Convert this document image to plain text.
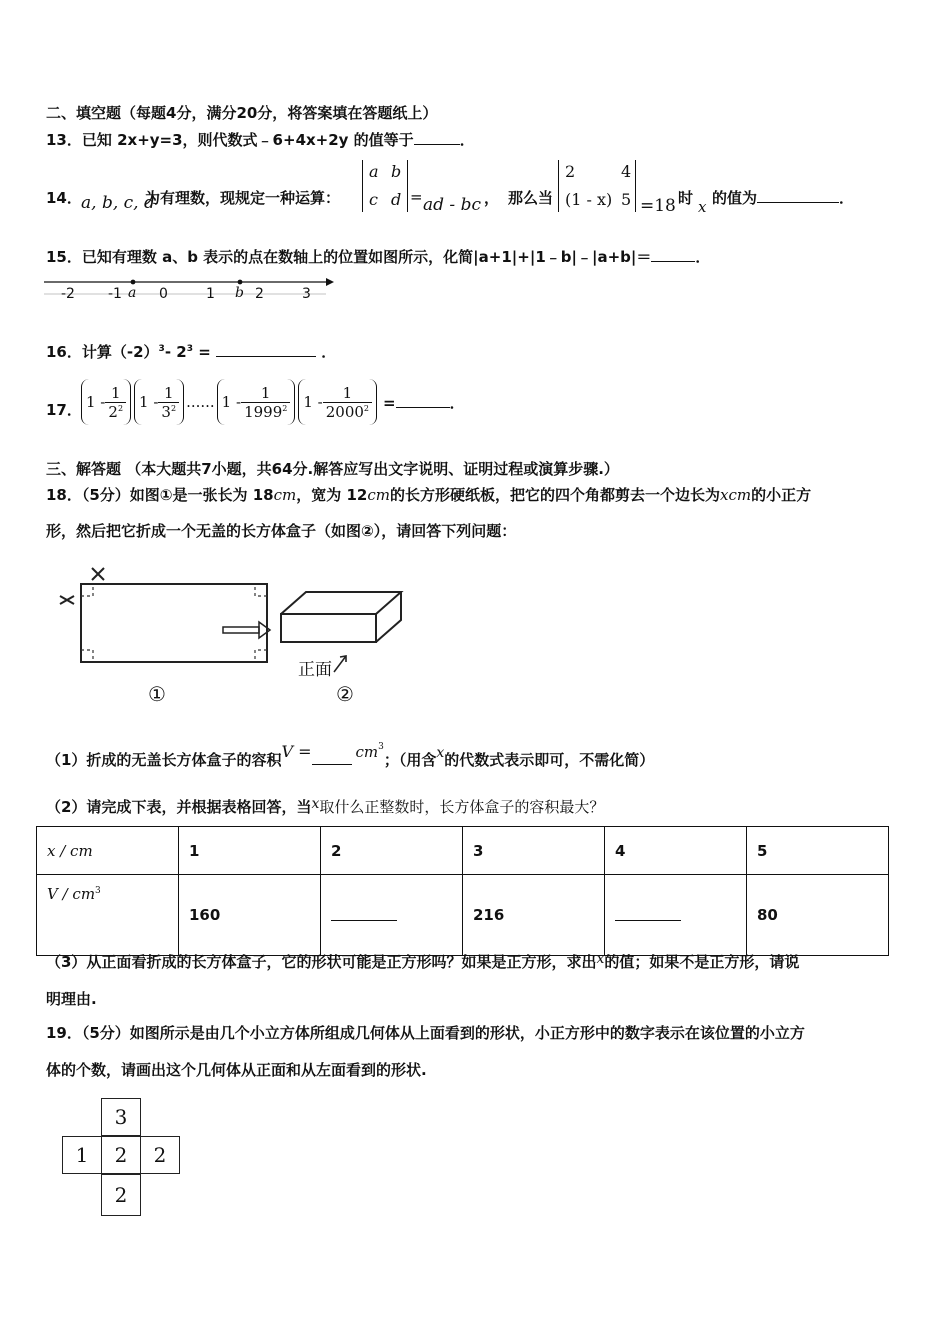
二、填空题（每题4分，满分20分，将答案填在答题纸上）
13．已知 2x+y=3，则代数式﹣6+4x+2y 的值等于	．
14． a, b, c, d
为有理数，现规定一种运算：
a b
c d = ad - bc ， 那么当
2	4
(1 - x) 5 =18 时 x 的值为	．
15．已知有理数 a、b 表示的点在数轴上的位置如图所示，化简|a+1|+|1﹣b|﹣|a+b|＝	．
-2 -1 a 0	1 b 2	3
16．计算$(-2)^3-$ $2^3$ =	．
17． $1 - \frac{1}{2^2} 1 - \frac{1}{3^2}$ ...... $1 - \frac{1}{1999^2} 1 - \frac{1}{2000^2}$ =	．
三、解答题 （本大题共7小题，共64分.解答应写出文字说明、证明过程或演算步骤.）
18．（5分）如图①是一张长为 18cm，宽为 12cm的长方形硬纸板，把它的四个角都剪去一个边长为xcm的小正方
形，然后把它折成一个无盖的长方体盒子（如图②），请回答下列问题：
正面
①	②
（1）折成的无盖长方体盒子的容积V =	$cm^3$；（用含x的代数式表示即可，不需化简）
（2）请完成下表，并根据表格回答，当x取什么正整数时，长方体盒子的容积最大？
x / cm	1	2	3	4	5
V / $cm^3$	160		216		80
（3）从正面看折成的长方体盒子，它的形状可能是正方形吗？如果是正方形，求出x的值；如果不是正方形，请说
明理由.
19．（5分）如图所示是由几个小立方体所组成几何体从上面看到的形状，小正方形中的数字表示在该位置的小立方
体的个数，请画出这个几何体从正面和从左面看到的形状.
3
1	2	2
2
